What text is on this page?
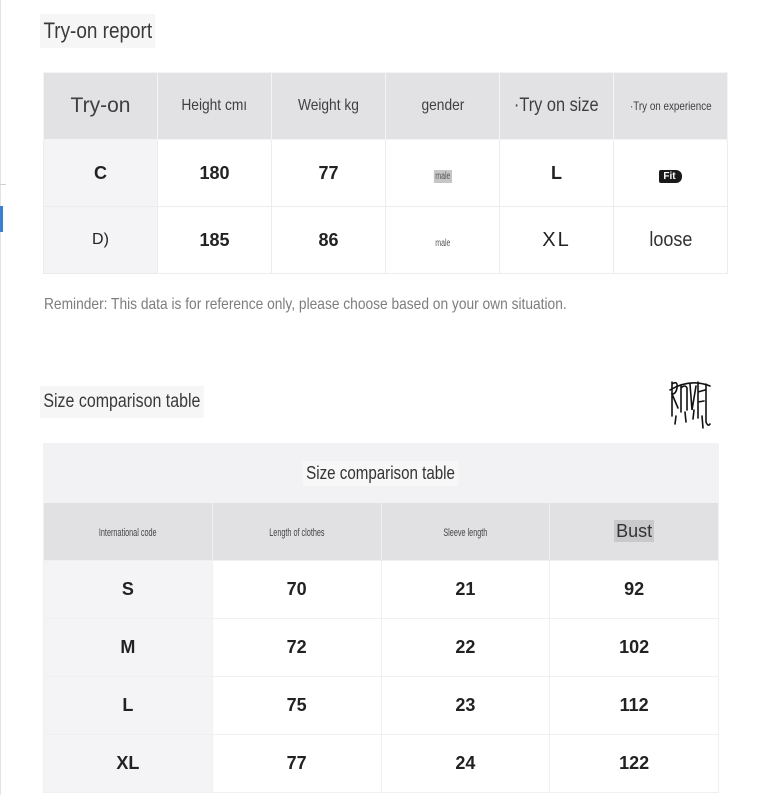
Try-on report
Try-on	Height cmı	Weight kg	gender	·Try on size	·Try on experience
C	180	77	male	L	Fit
D)	185	86	male	XL	loose
Reminder: This data is for reference only, please choose based on your own situation.
Size comparison table
Size comparison table			
International code	Length of clothes	Sleeve length	Bust
S	70	21	92
M	72	22	102
L	75	23	112
XL	77	24	122
